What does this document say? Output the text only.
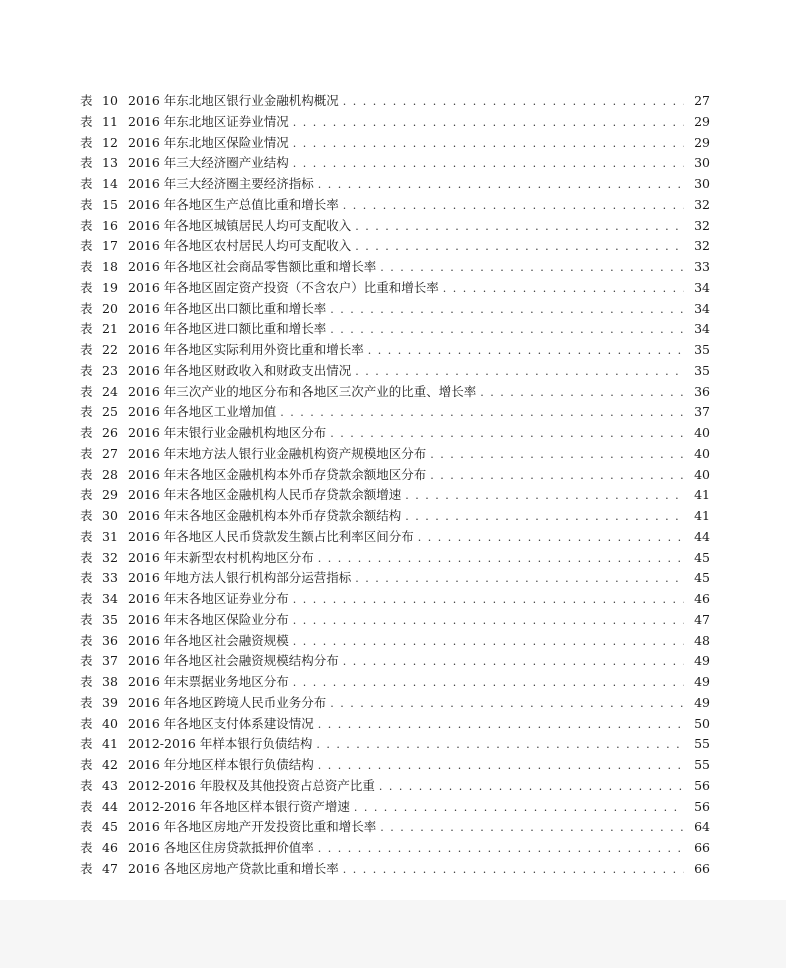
表 10 2016 年东北地区银行业金融机构概况 . . .	27
表 11 2016 年东北地区证券业情况 . . .	29
表 12 2016 年东北地区保险业情况 . . .	29
表 13 2016 年三大经济圈产业结构 . . .	30
表 14 2016 年三大经济圈主要经济指标 . . .	30
表 15 2016 年各地区生产总值比重和增长率 . . .	32
表 16 2016 年各地区城镇居民人均可支配收入 . . .	32
表 17 2016 年各地区农村居民人均可支配收入 . . .	32
表 18 2016 年各地区社会商品零售额比重和增长率 . . .	33
表 19 2016 年各地区固定资产投资（不含农户）比重和增长率 . . .	34
表 20 2016 年各地区出口额比重和增长率 . . .	34
表 21 2016 年各地区进口额比重和增长率 . . .	34
表 22 2016 年各地区实际利用外资比重和增长率 . . .	35
表 23 2016 年各地区财政收入和财政支出情况 . . .	35
表 24 2016 年三次产业的地区分布和各地区三次产业的比重、增长率 . . .	36
表 25 2016 年各地区工业增加值 . . .	37
表 26 2016 年末银行业金融机构地区分布 . . .	40
表 27 2016 年末地方法人银行业金融机构资产规模地区分布 . . .	40
表 28 2016 年末各地区金融机构本外币存贷款余额地区分布 . . .	40
表 29 2016 年末各地区金融机构人民币存贷款余额增速 . . .	41
表 30 2016 年末各地区金融机构本外币存贷款余额结构 . . .	41
表 31 2016 年各地区人民币贷款发生额占比利率区间分布 . . .	44
表 32 2016 年末新型农村机构地区分布 . . .	45
表 33 2016 年地方法人银行机构部分运营指标 . . .	45
表 34 2016 年末各地区证券业分布 . . .	46
表 35 2016 年末各地区保险业分布 . . .	47
表 36 2016 年各地区社会融资规模 . . .	48
表 37 2016 年各地区社会融资规模结构分布 . . .	49
表 38 2016 年末票据业务地区分布 . . .	49
表 39 2016 年各地区跨境人民币业务分布 . . .	49
表 40 2016 年各地区支付体系建设情况 . . .	50
表 41 2012-2016 年样本银行负债结构 . . .	55
表 42 2016 年分地区样本银行负债结构 . . .	55
表 43 2012-2016 年股权及其他投资占总资产比重 . . .	56
表 44 2012-2016 年各地区样本银行资产增速 . . .	56
表 45 2016 年各地区房地产开发投资比重和增长率 . . .	64
表 46 2016 各地区住房贷款抵押价值率 . . .	66
表 47 2016 各地区房地产贷款比重和增长率 . . .	66
